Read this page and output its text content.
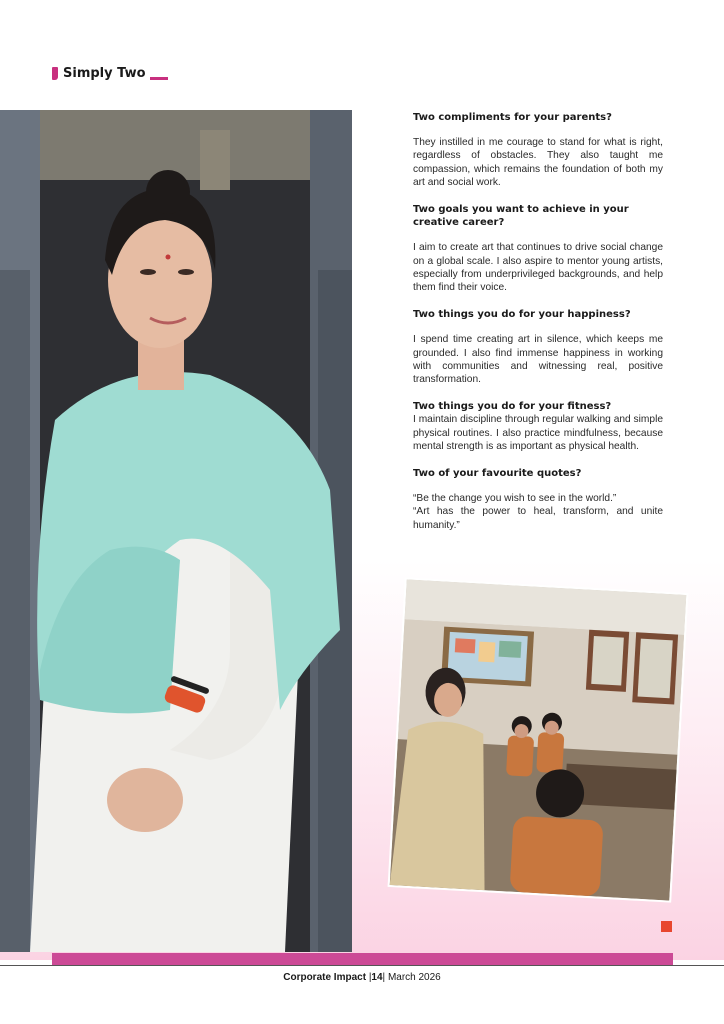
Simply Two

Two compliments for your parents?

They instilled in me courage to stand for what is right, regardless of obstacles. They also taught me compassion, which remains the foundation of both my art and social work.

Two goals you want to achieve in your creative career?

I aim to create art that continues to drive social change on a global scale. I also aspire to mentor young artists, especially from underprivileged backgrounds, and help them find their voice.

Two things you do for your happiness?

I spend time creating art in silence, which keeps me grounded. I also find immense happiness in working with communities and witnessing real, positive transformation.

Two things you do for your fitness?

I maintain discipline through regular walking and simple physical routines. I also practice mindfulness, because mental strength is as important as physical health.

Two of your favourite quotes?

“Be the change you wish to see in the world.”

“Art has the power to heal, transform, and unite humanity.”

Corporate Impact |14| March 2026
